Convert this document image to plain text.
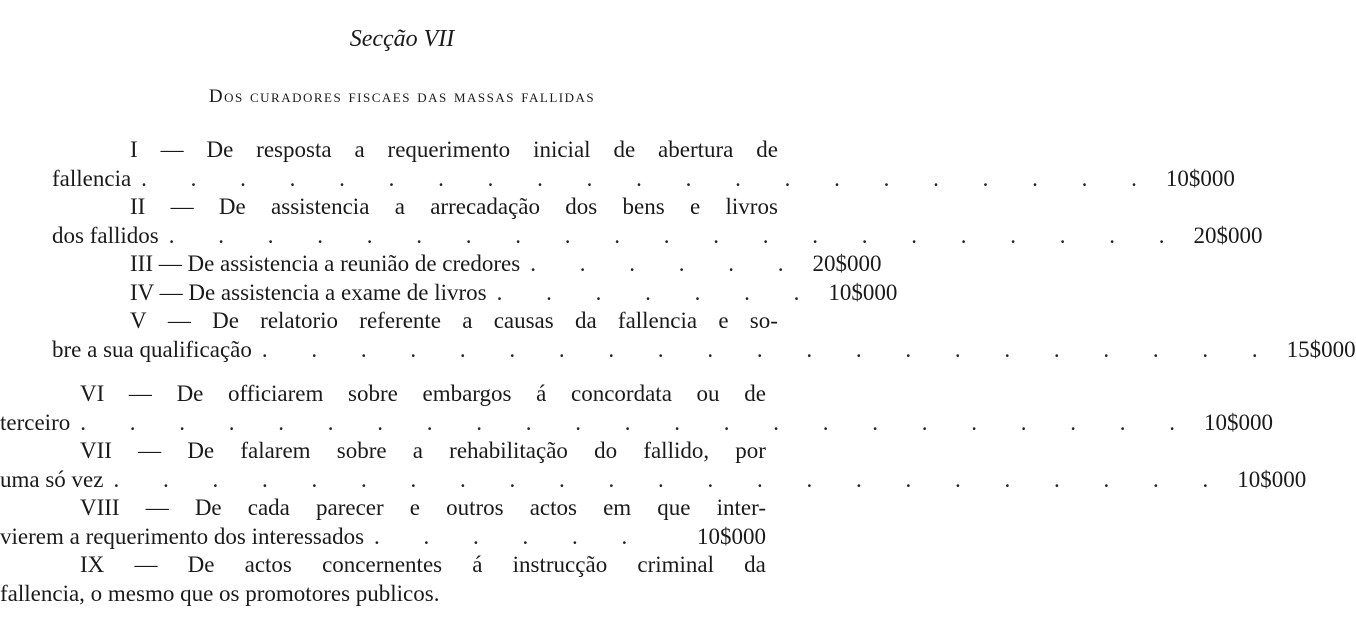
Secção VII
Dos curadores fiscaes das massas fallidas
I — De resposta a requerimento inicial de abertura de
fallencia . . . . . . . . . . . . . . . . . . . . . 10$000
II — De assistencia a arrecadação dos bens e livros
dos fallidos . . . . . . . . . . . . . . . . . . . . . 20$000
III — De assistencia a reunião de credores . . . . . . 20$000
IV — De assistencia a exame de livros . . . . . . . 10$000
V — De relatorio referente a causas da fallencia e so-
bre a sua qualificação . . . . . . . . . . . . . . . . . . . . . 15$000
VI — De officiarem sobre embargos á concordata ou de
terceiro . . . . . . . . . . . . . . . . . . . . . . . 10$000
VII — De falarem sobre a rehabilitação do fallido, por
uma só vez . . . . . . . . . . . . . . . . . . . . . . . 10$000
VIII — De cada parecer e outros actos em que inter-
vierem a requerimento dos interessados . . . . . .	10$000
IX — De actos concernentes á instrucção criminal da
fallencia, o mesmo que os promotores publicos.
